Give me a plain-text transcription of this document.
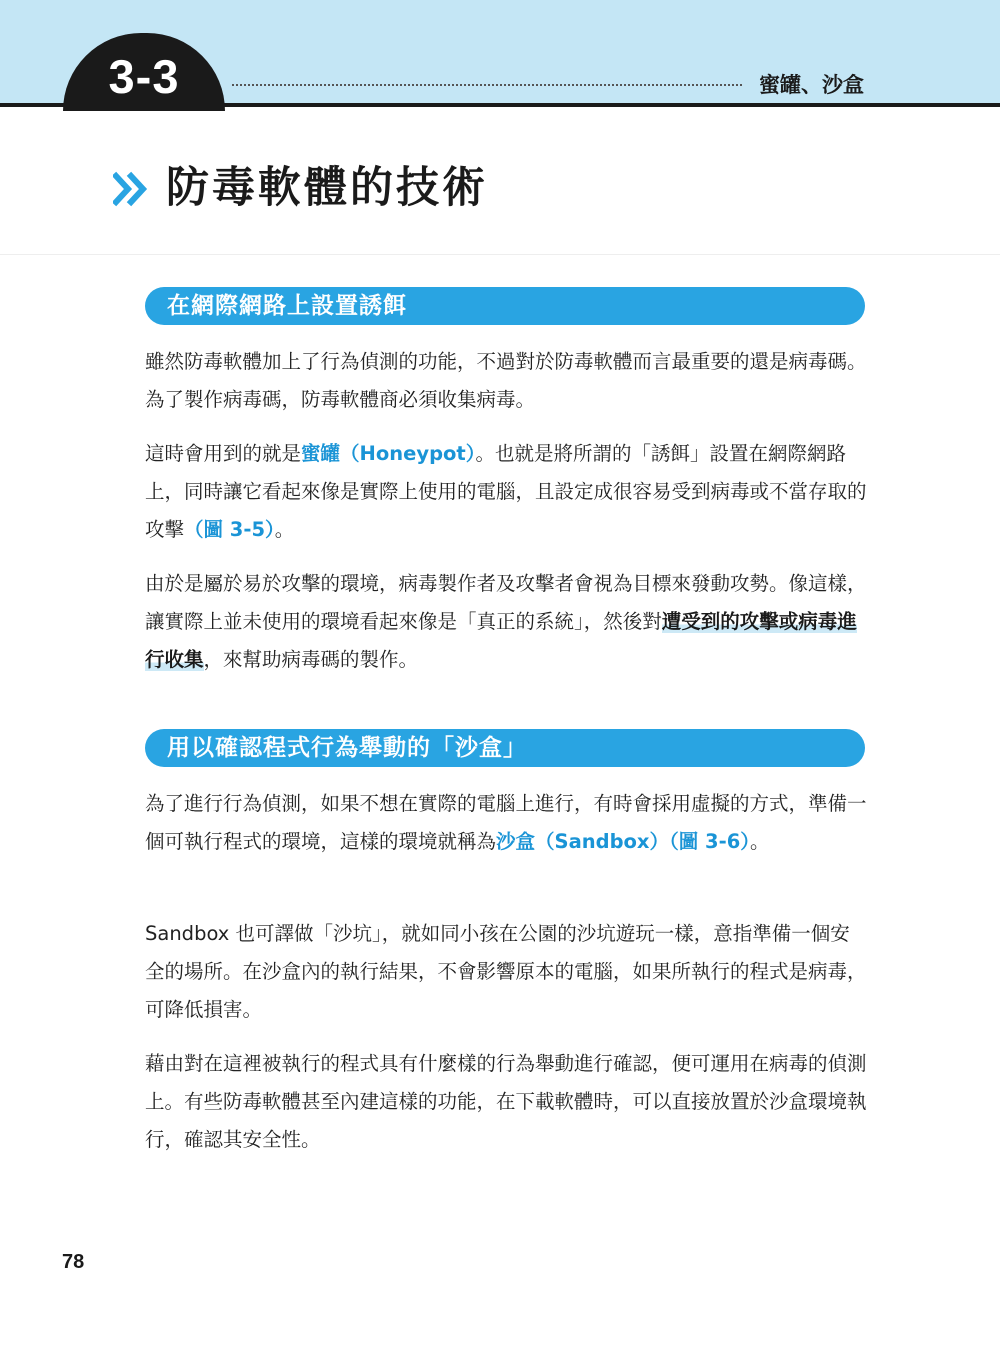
3-3	蜜罐、沙盒
防毒軟體的技術
在網際網路上設置誘餌

雖然防毒軟體加上了行為偵測的功能，不過對於防毒軟體而言最重要的還是病毒碼。為了製作病毒碼，防毒軟體商必須收集病毒。

這時會用到的就是蜜罐（Honeypot）。也就是將所謂的「誘餌」設置在網際網路上，同時讓它看起來像是實際上使用的電腦，且設定成很容易受到病毒或不當存取的攻擊（圖 3-5）。

由於是屬於易於攻擊的環境，病毒製作者及攻擊者會視為目標來發動攻勢。像這樣，讓實際上並未使用的環境看起來像是「真正的系統」，然後對遭受到的攻擊或病毒進行收集，來幫助病毒碼的製作。

用以確認程式行為舉動的「沙盒」

為了進行行為偵測，如果不想在實際的電腦上進行，有時會採用虛擬的方式，準備一個可執行程式的環境，這樣的環境就稱為沙盒（Sandbox）（圖 3-6）。

Sandbox 也可譯做「沙坑」，就如同小孩在公園的沙坑遊玩一樣，意指準備一個安全的場所。在沙盒內的執行結果，不會影響原本的電腦，如果所執行的程式是病毒，可降低損害。

藉由對在這裡被執行的程式具有什麼樣的行為舉動進行確認，便可運用在病毒的偵測上。有些防毒軟體甚至內建這樣的功能，在下載軟體時，可以直接放置於沙盒環境執行，確認其安全性。

78
